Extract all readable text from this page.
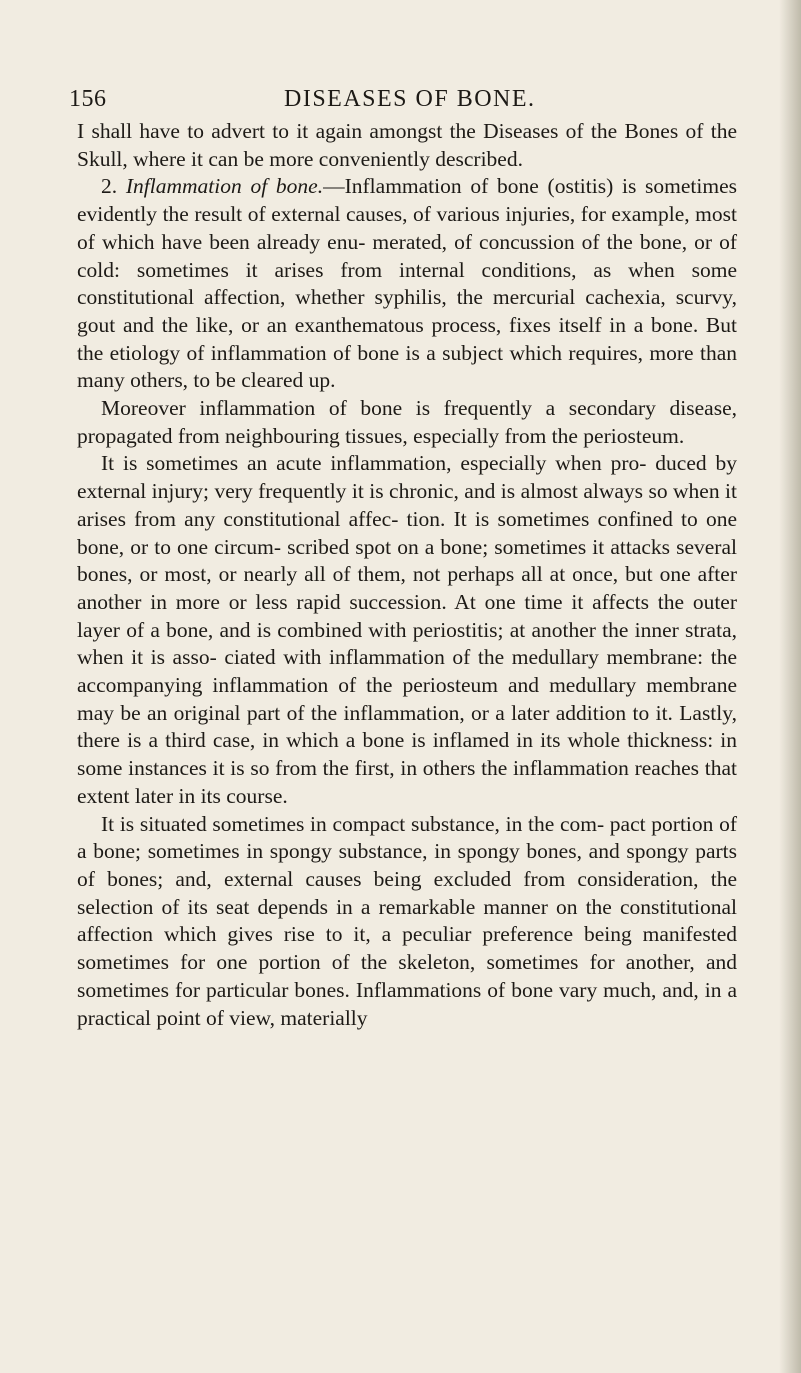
156	DISEASES OF BONE.

I shall have to advert to it again amongst the Diseases of the Bones of the Skull, where it can be more conveniently described.

2. Inflammation of bone.—Inflammation of bone (ostitis) is sometimes evidently the result of external causes, of various injuries, for example, most of which have been already enu- merated, of concussion of the bone, or of cold: sometimes it arises from internal conditions, as when some constitutional affection, whether syphilis, the mercurial cachexia, scurvy, gout and the like, or an exanthematous process, fixes itself in a bone. But the etiology of inflammation of bone is a subject which requires, more than many others, to be cleared up.

Moreover inflammation of bone is frequently a secondary disease, propagated from neighbouring tissues, especially from the periosteum.

It is sometimes an acute inflammation, especially when pro- duced by external injury; very frequently it is chronic, and is almost always so when it arises from any constitutional affec- tion. It is sometimes confined to one bone, or to one circum- scribed spot on a bone; sometimes it attacks several bones, or most, or nearly all of them, not perhaps all at once, but one after another in more or less rapid succession. At one time it affects the outer layer of a bone, and is combined with periostitis; at another the inner strata, when it is asso- ciated with inflammation of the medullary membrane: the accompanying inflammation of the periosteum and medullary membrane may be an original part of the inflammation, or a later addition to it. Lastly, there is a third case, in which a bone is inflamed in its whole thickness: in some instances it is so from the first, in others the inflammation reaches that extent later in its course.

It is situated sometimes in compact substance, in the com- pact portion of a bone; sometimes in spongy substance, in spongy bones, and spongy parts of bones; and, external causes being excluded from consideration, the selection of its seat depends in a remarkable manner on the constitutional affection which gives rise to it, a peculiar preference being manifested sometimes for one portion of the skeleton, sometimes for another, and sometimes for particular bones. Inflammations of bone vary much, and, in a practical point of view, materially
